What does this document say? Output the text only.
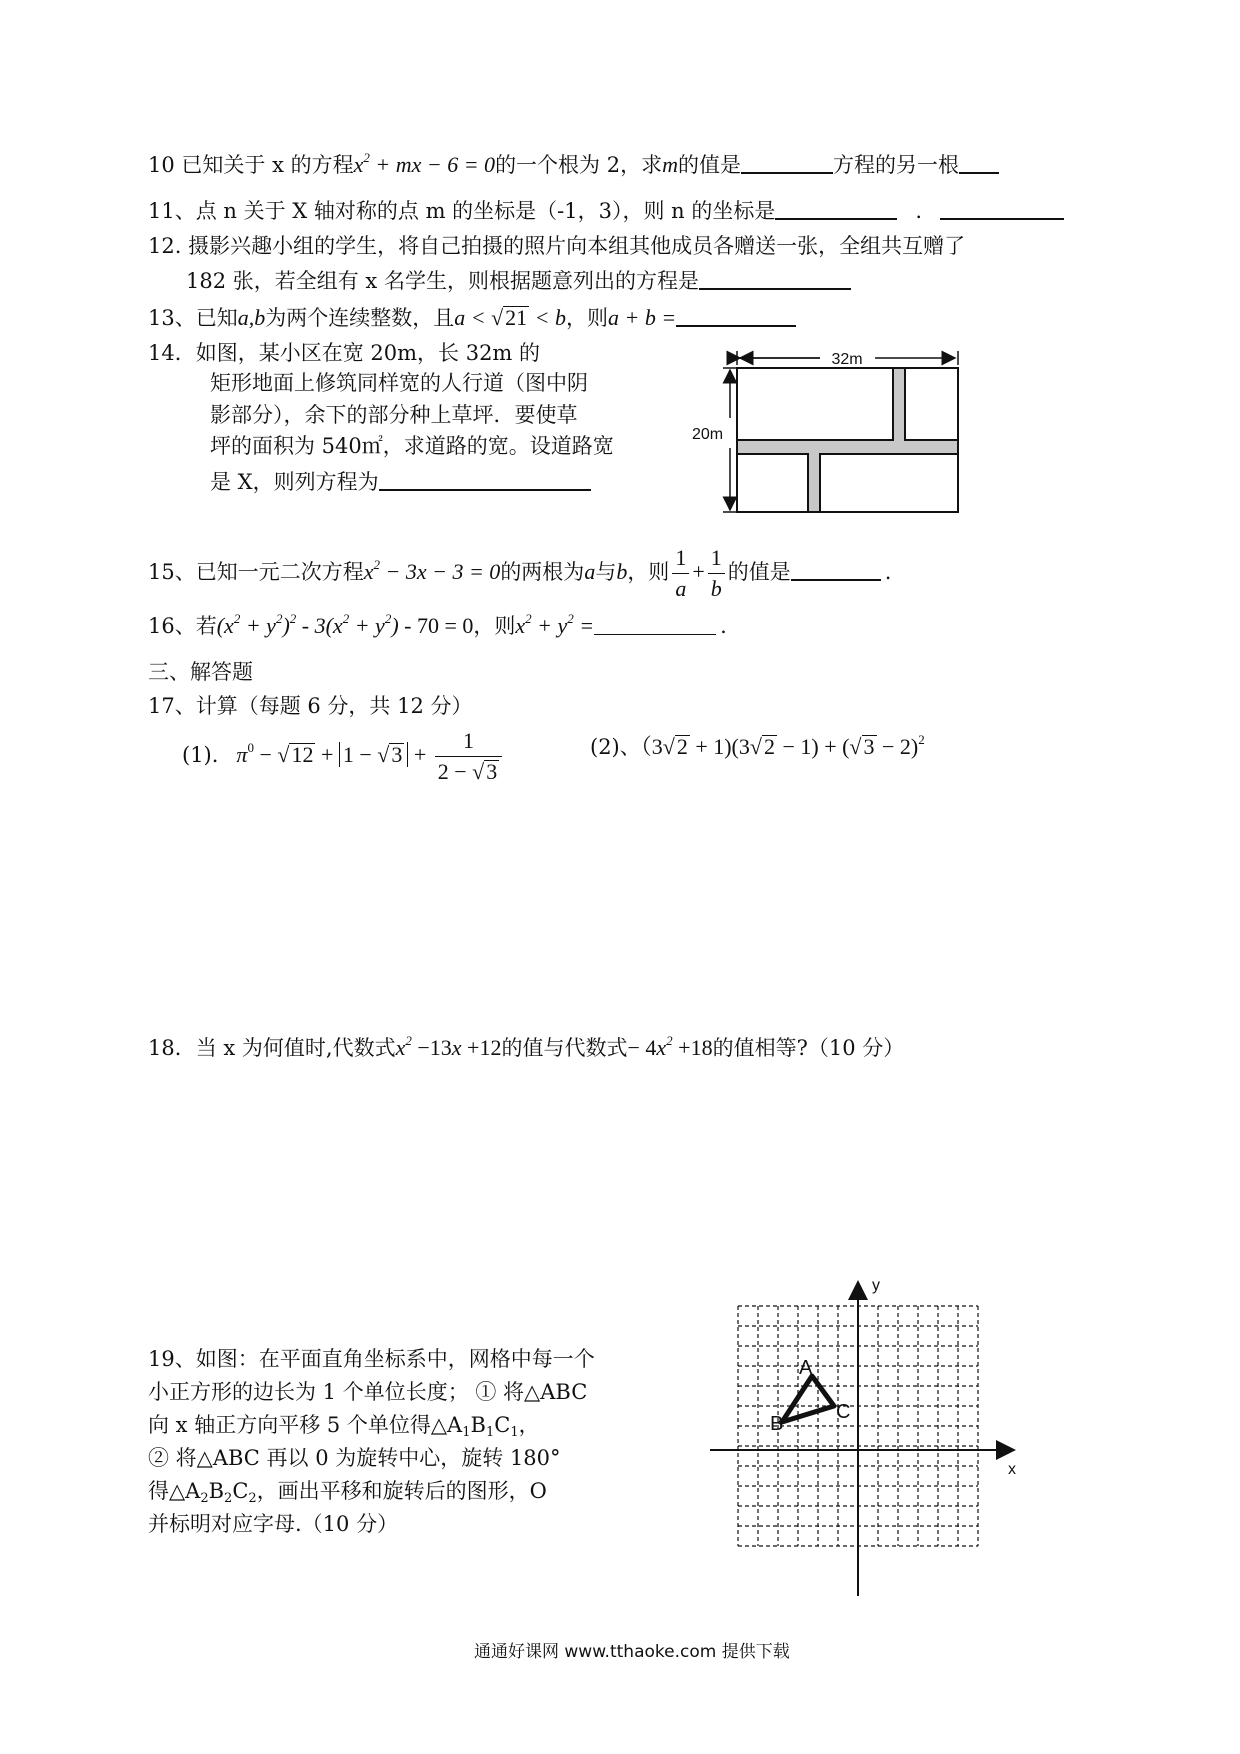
10 已知关于 x 的方程$x^2$ + mx − 6 = 0的一个根为 2，求m的值是	方程的另一根
11、点 n 关于 X 轴对称的点 m 的坐标是（-1，3），则 n 的坐标是	.
12. 摄影兴趣小组的学生，将自己拍摄的照片向本组其他成员各赠送一张，全组共互赠了
182 张，若全组有 x 名学生，则根据题意列出的方程是
13、已知a,b为两个连续整数，且a < √21 < b，则a + b =
14．如图，某小区在宽 20m，长 32m 的
矩形地面上修筑同样宽的人行道（图中阴
影部分），余下的部分种上草坪．要使草
坪的面积为 540㎡，求道路的宽。设道路宽
是 X，则列方程为
32m
20m
15、已知一元二次方程$x^2 - 3x - 3 = 0$的两根为a与b，则 $\frac{1}{a} + \frac{1}{b}$ 的值是	.
16、若$(x^2 + y^2)^2 - 3(x^2 + y^2) - 70 = 0$，则$x^2 + y^2$ =	.
三、解答题
17、计算（每题 6 分，共 12 分）
(1). $\pi^0 - √12 + 1 - √3 + \frac{1}{2 - √3}$	(2)、$(3√2 + 1)(3√2 - 1) + (√3 - 2)^2$
18．当 x 为何值时,代数式$x^2 -13x +12$的值与代数式− $4x^2 +18$的值相等?（10 分）
19、如图：在平面直角坐标系中，网格中每一个
小正方形的边长为 1 个单位长度； ① 将△ABC
向 x 轴正方向平移 5 个单位得$\triangle A_1B_1C_1$，
② 将△ABC 再以 0 为旋转中心，旋转 180°
得$\triangle A_2B_2C_2$，画出平移和旋转后的图形，O
并标明对应字母.（10 分）
x
y
A
B
C
通通好课网 www.tthaoke.com 提供下载
